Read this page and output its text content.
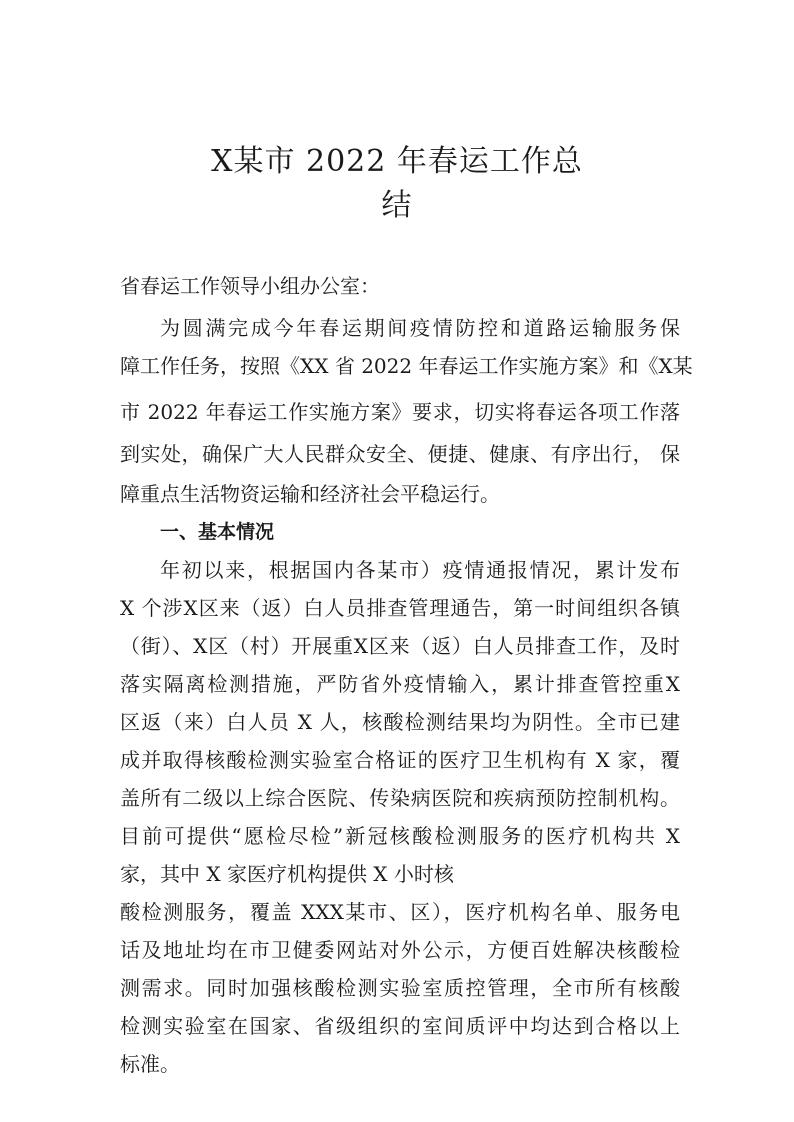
X某市 2022 年春运工作总
结

省春运工作领导小组办公室：

为圆满完成今年春运期间疫情防控和道路运输服务保

障工作任务，按照《XX 省 2022 年春运工作实施方案》和《X某

市 2022 年春运工作实施方案》要求，切实将春运各项工作落

到实处，确保广大人民群众安全、便捷、健康、有序出行， 保

障重点生活物资运输和经济社会平稳运行。

一、基本情况

年初以来，根据国内各某市）疫情通报情况，累计发布

X 个涉X区来（返）白人员排查管理通告，第一时间组织各镇

（街）、X区（村）开展重X区来（返）白人员排查工作，及时

落实隔离检测措施，严防省外疫情输入，累计排查管控重X

区返（来）白人员 X 人，核酸检测结果均为阴性。全市已建

成并取得核酸检测实验室合格证的医疗卫生机构有 X 家，覆

盖所有二级以上综合医院、传染病医院和疾病预防控制机构。

目前可提供“愿检尽检”新冠核酸检测服务的医疗机构共 X

家，其中 X 家医疗机构提供 X 小时核

酸检测服务，覆盖 XXX某市、区），医疗机构名单、服务电

话及地址均在市卫健委网站对外公示，方便百姓解决核酸检

测需求。同时加强核酸检测实验室质控管理，全市所有核酸

检测实验室在国家、省级组织的室间质评中均达到合格以上

标准。
